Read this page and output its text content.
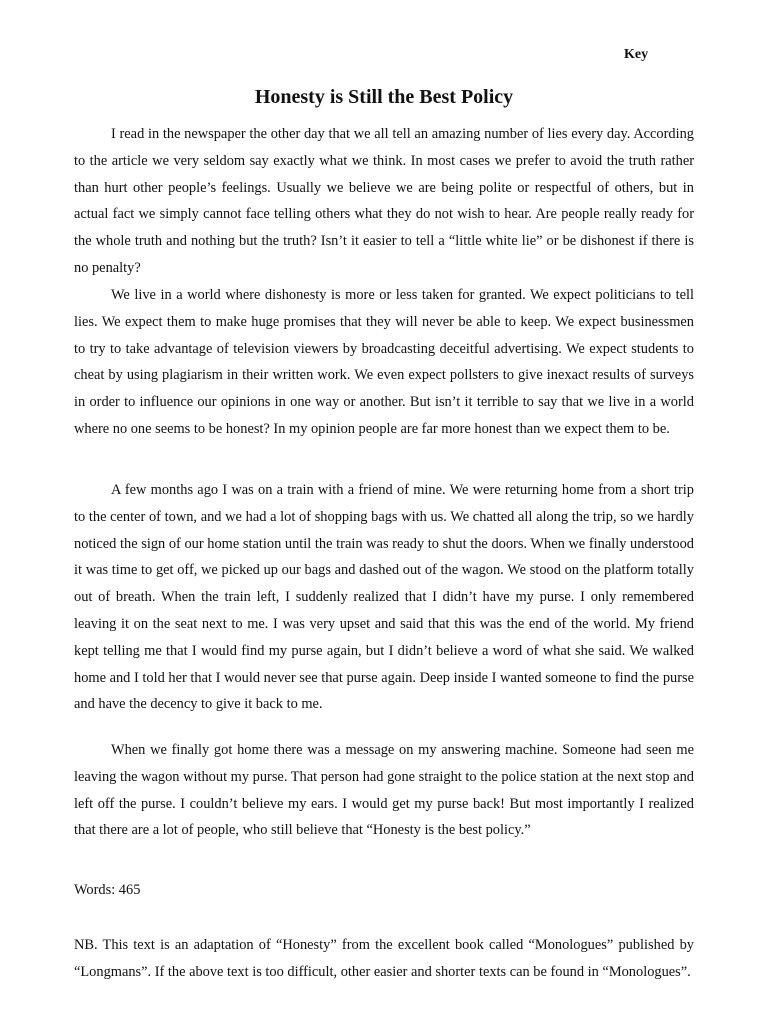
Key
Honesty is Still the Best Policy

I read in the newspaper the other day that we all tell an amazing number of lies every day. According to the article we very seldom say exactly what we think. In most cases we prefer to avoid the truth rather than hurt other people’s feelings. Usually we believe we are being polite or respectful of others, but in actual fact we simply cannot face telling others what they do not wish to hear. Are people really ready for the whole truth and nothing but the truth? Isn’t it easier to tell a “little white lie” or be dishonest if there is no penalty?

We live in a world where dishonesty is more or less taken for granted. We expect politicians to tell lies. We expect them to make huge promises that they will never be able to keep. We expect businessmen to try to take advantage of television viewers by broadcasting deceitful advertising. We expect students to cheat by using plagiarism in their written work. We even expect pollsters to give inexact results of surveys in order to influence our opinions in one way or another. But isn’t it terrible to say that we live in a world where no one seems to be honest? In my opinion people are far more honest than we expect them to be.

A few months ago I was on a train with a friend of mine. We were returning home from a short trip to the center of town, and we had a lot of shopping bags with us. We chatted all along the trip, so we hardly noticed the sign of our home station until the train was ready to shut the doors. When we finally understood it was time to get off, we picked up our bags and dashed out of the wagon. We stood on the platform totally out of breath. When the train left, I suddenly realized that I didn’t have my purse. I only remembered leaving it on the seat next to me. I was very upset and said that this was the end of the world. My friend kept telling me that I would find my purse again, but I didn’t believe a word of what she said. We walked home and I told her that I would never see that purse again. Deep inside I wanted someone to find the purse and have the decency to give it back to me.

When we finally got home there was a message on my answering machine. Someone had seen me leaving the wagon without my purse. That person had gone straight to the police station at the next stop and left off the purse. I couldn’t believe my ears. I would get my purse back! But most importantly I realized that there are a lot of people, who still believe that “Honesty is the best policy.”

Words: 465

NB. This text is an adaptation of “Honesty” from the excellent book called “Monologues” published by “Longmans”. If the above text is too difficult, other easier and shorter texts can be found in “Monologues”.
